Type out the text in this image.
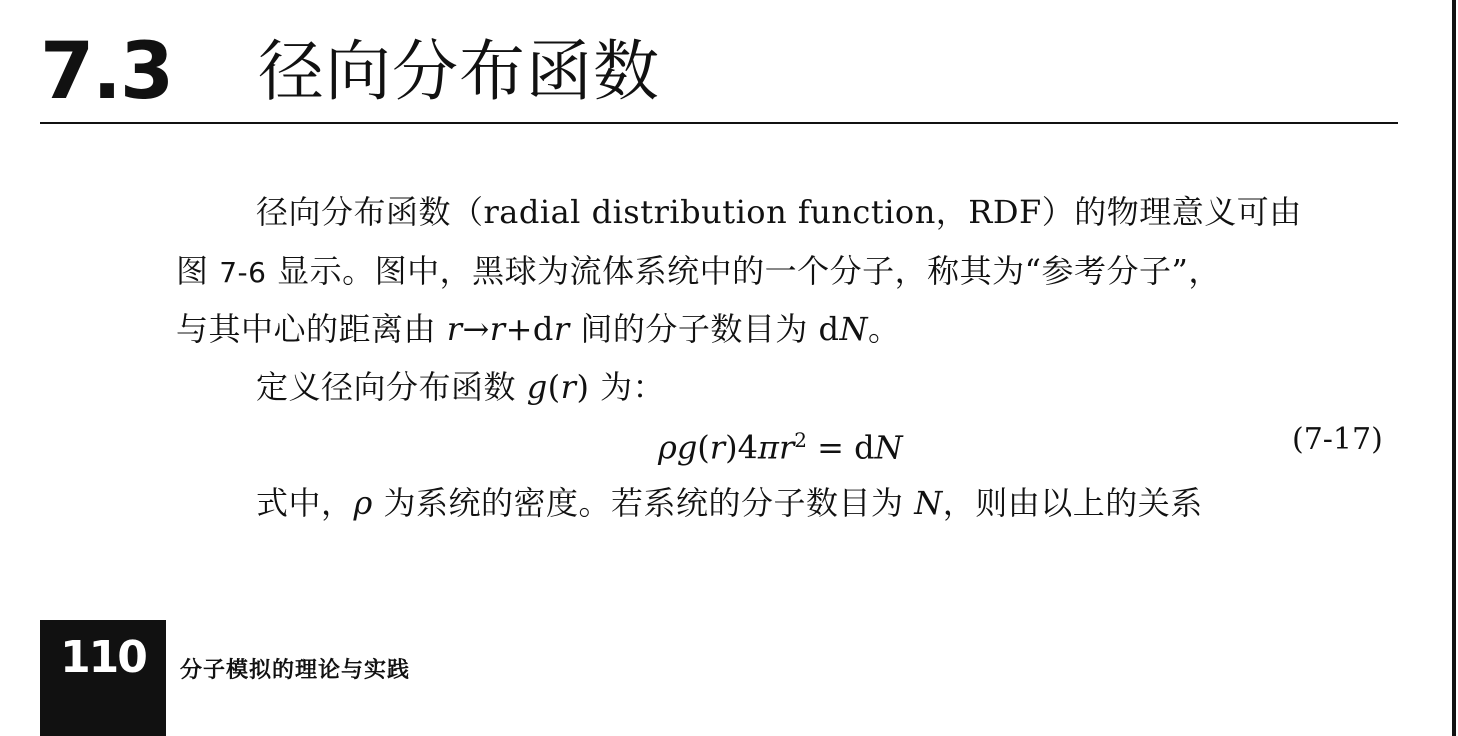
7.3 径向分布函数
径向分布函数（radial distribution function，RDF）的物理意义可由
图 7-6 显示。图中，黑球为流体系统中的一个分子，称其为“参考分子”，
与其中心的距离由 r→r+dr 间的分子数目为 dN。
定义径向分布函数 g(r) 为：
$\rho g(r)4\pi r^2$ = dN	(7-17)
式中，ρ 为系统的密度。若系统的分子数目为 N，则由以上的关系
110	分子模拟的理论与实践
